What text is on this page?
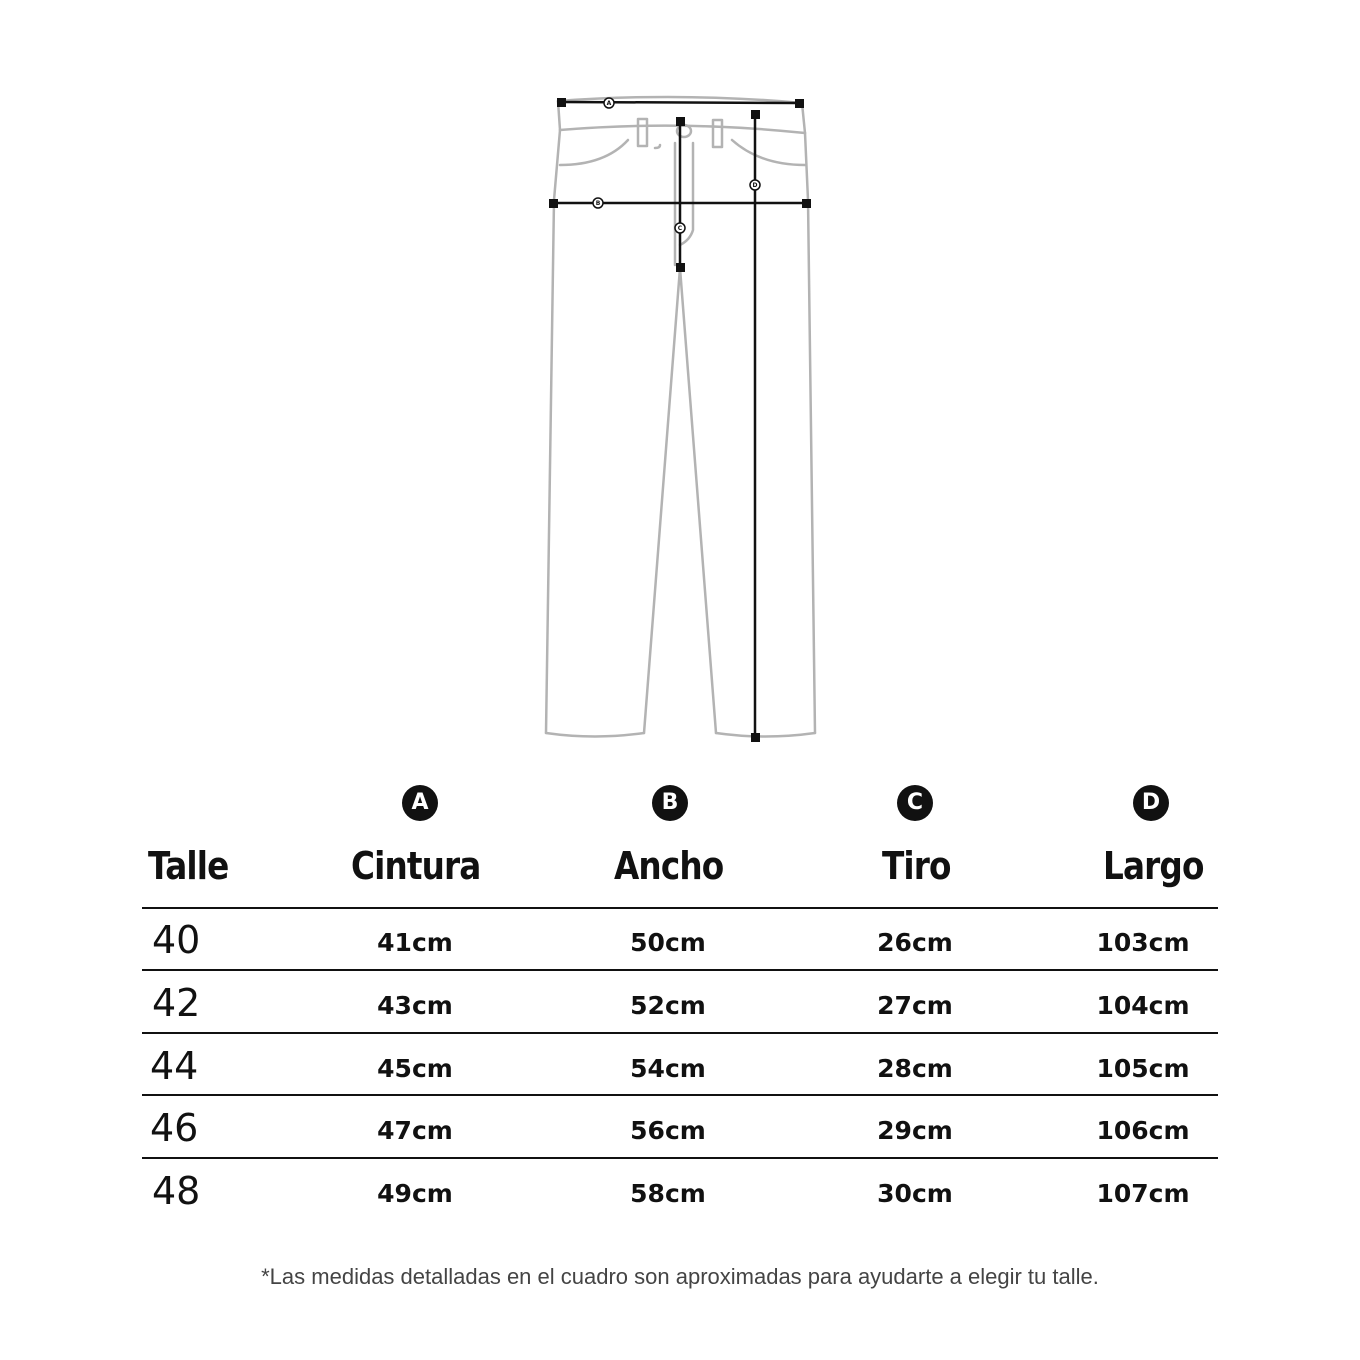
A
B
C
D
A	B	C	D
Talle	Cintura	Ancho	Tiro	Largo
40	41cm	50cm	26cm	103cm
42	43cm	52cm	27cm	104cm
44	45cm	54cm	28cm	105cm
46	47cm	56cm	29cm	106cm
48	49cm	58cm	30cm	107cm
*Las medidas detalladas en el cuadro son aproximadas para ayudarte a elegir tu talle.
